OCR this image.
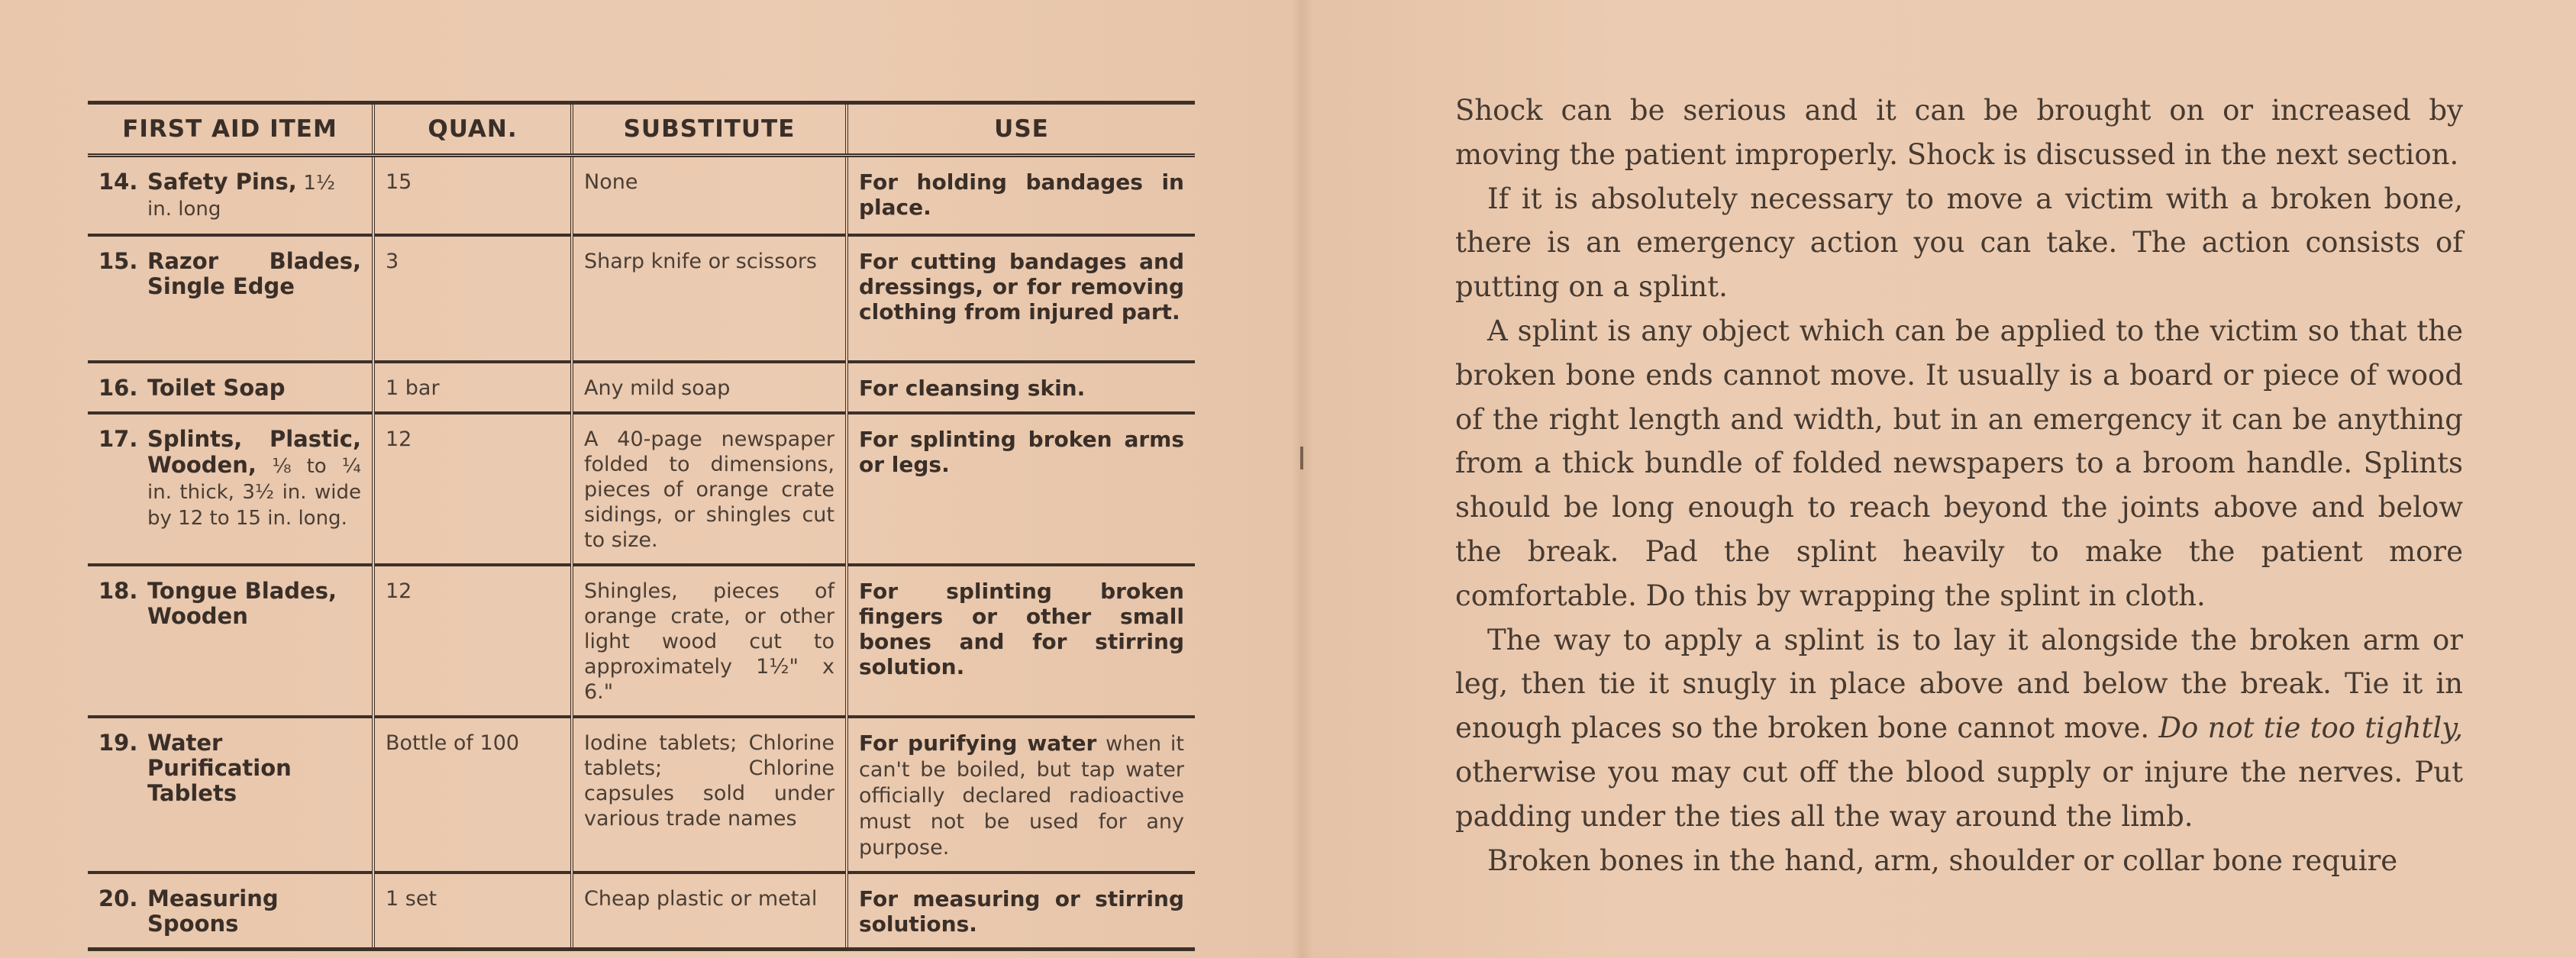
FIRST AID ITEM	QUAN.	SUBSTITUTE	USE

14. Safety Pins, 1½ in. long	15	None	For holding bandages in place.

15. Razor Blades, Single Edge	3	Sharp knife or scissors	For cutting bandages and dressings, or for removing clothing from injured part.

16. Toilet Soap	1 bar	Any mild soap	For cleansing skin.

17. Splints, Plastic, Wooden, ⅛ to ¼ in. thick, 3½ in. wide by 12 to 15 in. long.	12	A 40-page newspaper folded to dimensions, pieces of orange crate sidings, or shingles cut to size.	For splinting broken arms or legs.

18. Tongue Blades, Wooden	12	Shingles, pieces of orange crate, or other light wood cut to approximately 1½" x 6."	For splinting broken fingers or other small bones and for stirring solution.

19. Water Purification Tablets	Bottle of 100	Iodine tablets; Chlorine tablets; Chlorine capsules sold under various trade names	For purifying water when it can't be boiled, but tap water officially declared radioactive must not be used for any purpose.

20. Measuring Spoons	1 set	Cheap plastic or metal	For measuring or stirring solutions.

Shock can be serious and it can be brought on or increased by moving the patient improperly. Shock is discussed in the next section.

If it is absolutely necessary to move a victim with a broken bone, there is an emergency action you can take. The action consists of putting on a splint.

A splint is any object which can be applied to the victim so that the broken bone ends cannot move. It usually is a board or piece of wood of the right length and width, but in an emergency it can be anything from a thick bundle of folded newspapers to a broom handle. Splints should be long enough to reach beyond the joints above and below the break. Pad the splint heavily to make the patient more comfortable. Do this by wrapping the splint in cloth.

The way to apply a splint is to lay it alongside the broken arm or leg, then tie it snugly in place above and below the break. Tie it in enough places so the broken bone cannot move. Do not tie too tightly, otherwise you may cut off the blood supply or injure the nerves. Put padding under the ties all the way around the limb.

Broken bones in the hand, arm, shoulder or collar bone require
